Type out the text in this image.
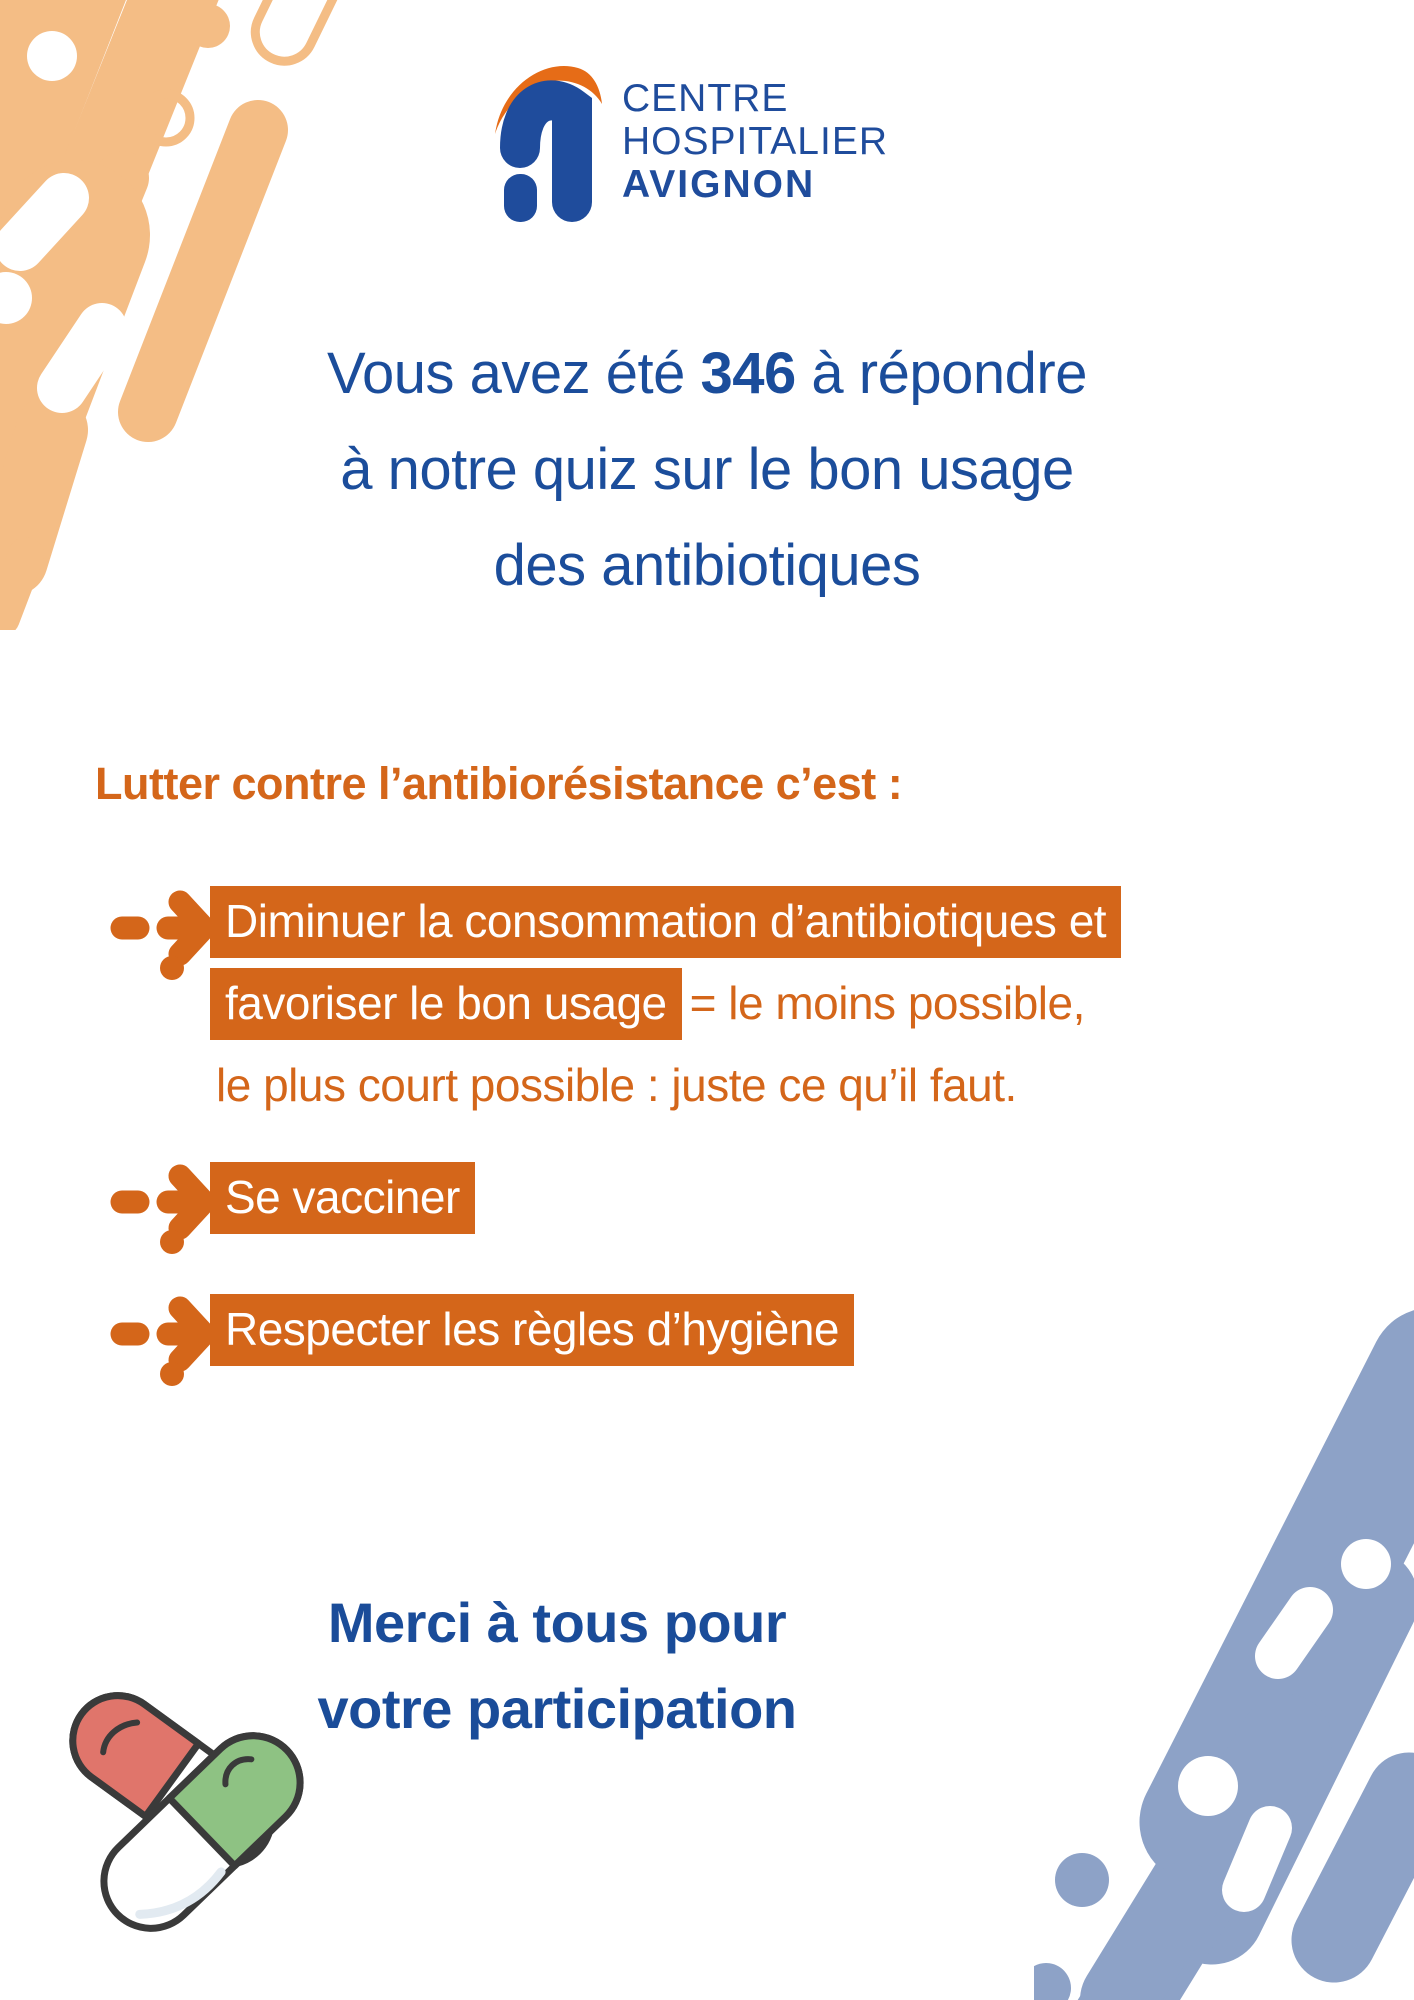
CENTRE
HOSPITALIER
AVIGNON
Vous avez été 346 à répondre
à notre quiz sur le bon usage
des antibiotiques
Lutter contre l’antibiorésistance c’est :
Diminuer la consommation d’antibiotiques et
favoriser le bon usage = le moins possible,
le plus court possible : juste ce qu’il faut.
Se vacciner
Respecter les règles d’hygiène
Merci à tous pour
votre participation
